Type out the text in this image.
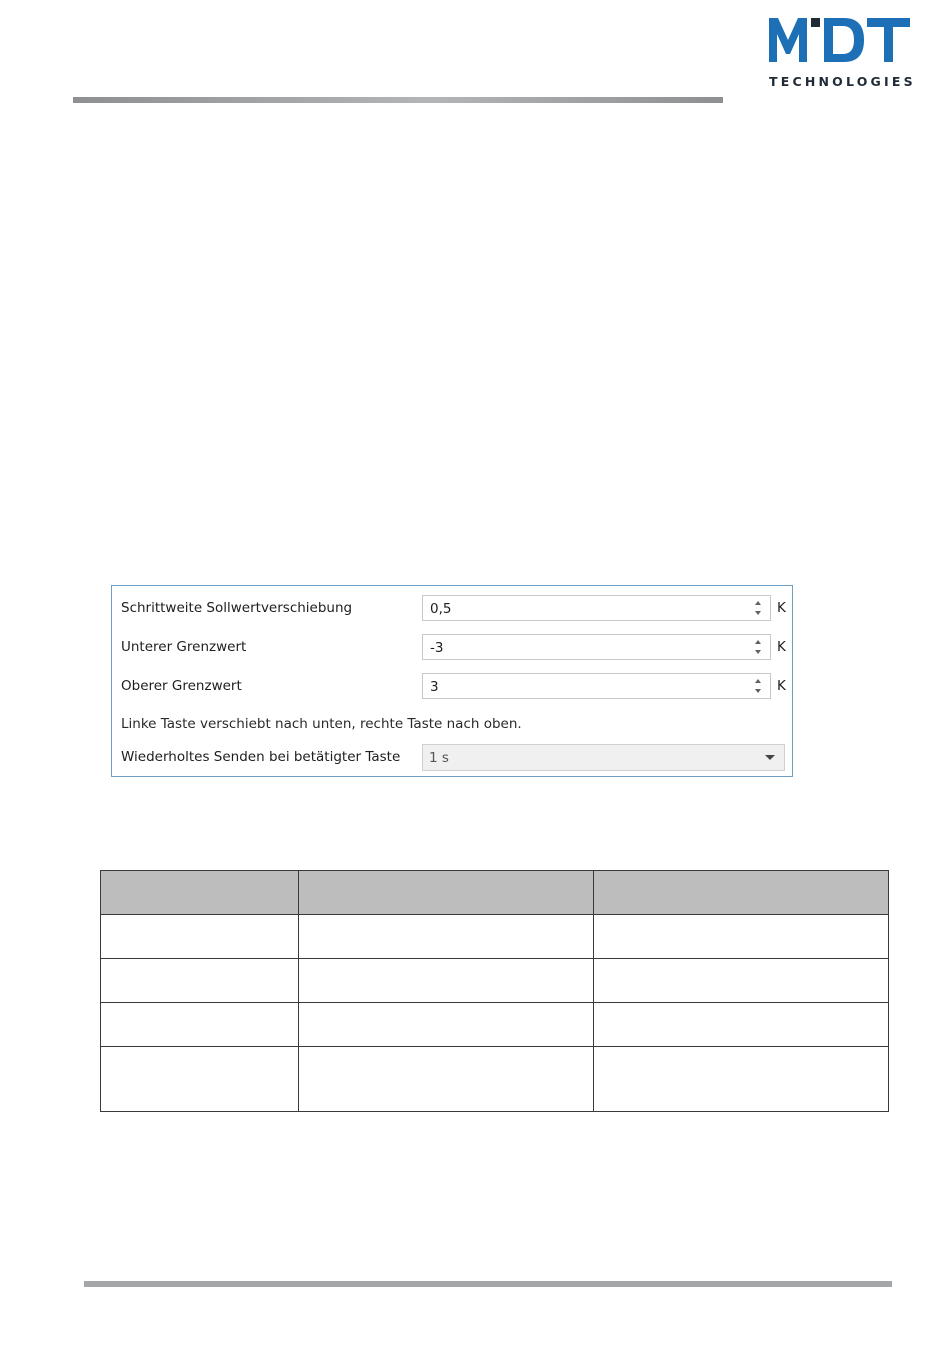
TECHNOLOGIES
Schrittweite Sollwertverschiebung	0,5	K
Unterer Grenzwert	-3	K
Oberer Grenzwert	3	K
Linke Taste verschiebt nach unten, rechte Taste nach oben.
Wiederholtes Senden bei betätigter Taste 1 s
